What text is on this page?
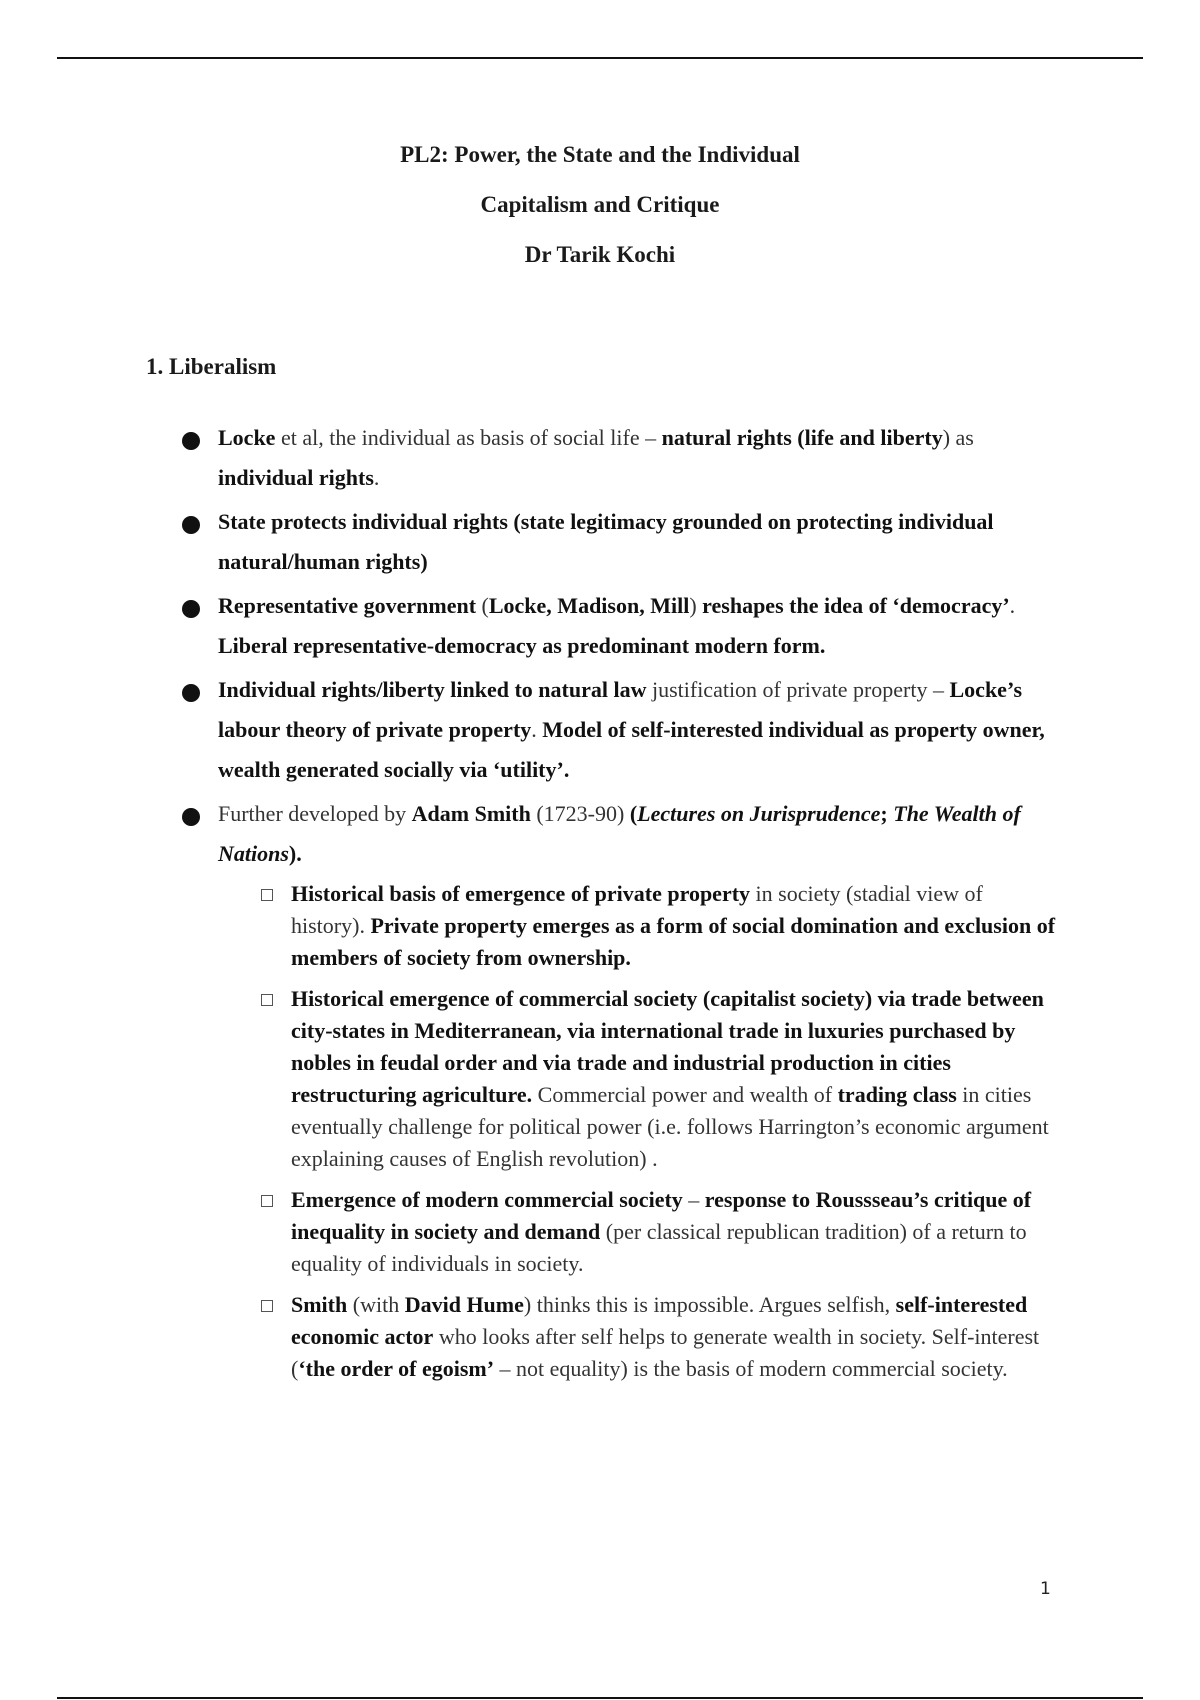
PL2: Power, the State and the Individual
Capitalism and Critique
Dr Tarik Kochi
1. Liberalism
Locke et al, the individual as basis of social life – natural rights (life and liberty) as individual rights.
State protects individual rights (state legitimacy grounded on protecting individual natural/human rights)
Representative government (Locke, Madison, Mill) reshapes the idea of ‘democracy’. Liberal representative-democracy as predominant modern form.
Individual rights/liberty linked to natural law justification of private property – Locke’s labour theory of private property. Model of self-interested individual as property owner, wealth generated socially via ‘utility’.
Further developed by Adam Smith (1723-90) (Lectures on Jurisprudence; The Wealth of Nations).
Historical basis of emergence of private property in society (stadial view of history). Private property emerges as a form of social domination and exclusion of members of society from ownership.
Historical emergence of commercial society (capitalist society) via trade between city-states in Mediterranean, via international trade in luxuries purchased by nobles in feudal order and via trade and industrial production in cities restructuring agriculture. Commercial power and wealth of trading class in cities eventually challenge for political power (i.e. follows Harrington’s economic argument explaining causes of English revolution) .
Emergence of modern commercial society – response to Roussseau’s critique of inequality in society and demand (per classical republican tradition) of a return to equality of individuals in society.
Smith (with David Hume) thinks this is impossible. Argues selfish, self-interested economic actor who looks after self helps to generate wealth in society. Self-interest (‘the order of egoism’ – not equality) is the basis of modern commercial society.
1
